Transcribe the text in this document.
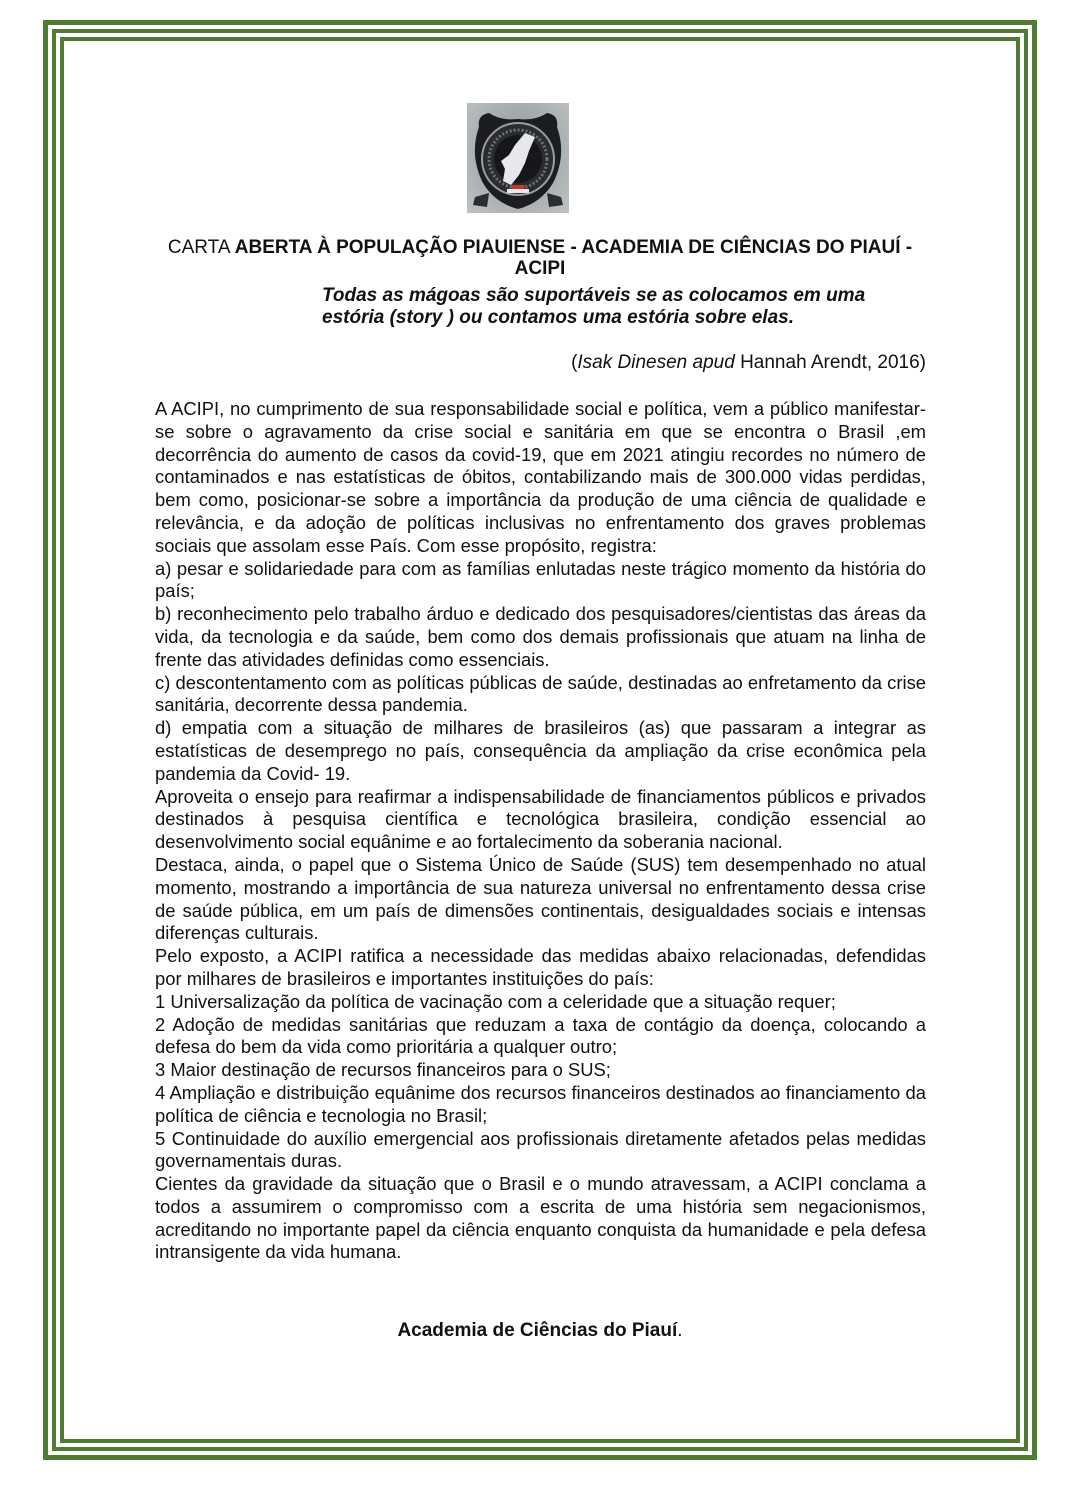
CARTA ABERTA À POPULAÇÃO PIAUIENSE - ACADEMIA DE CIÊNCIAS DO PIAUÍ - ACIPI

Todas as mágoas são suportáveis se as colocamos em uma estória (story ) ou contamos uma estória sobre elas.

(Isak Dinesen apud Hannah Arendt, 2016)

A ACIPI, no cumprimento de sua responsabilidade social e política, vem a público manifestar-se sobre o agravamento da crise social e sanitária em que se encontra o Brasil ,em decorrência do aumento de casos da covid-19, que em 2021 atingiu recordes no número de contaminados e nas estatísticas de óbitos, contabilizando mais de 300.000 vidas perdidas, bem como, posicionar-se sobre a importância da produção de uma ciência de qualidade e relevância, e da adoção de políticas inclusivas no enfrentamento dos graves problemas sociais que assolam esse País. Com esse propósito, registra:

a) pesar e solidariedade para com as famílias enlutadas neste trágico momento da história do país;

b) reconhecimento pelo trabalho árduo e dedicado dos pesquisadores/cientistas das áreas da vida, da tecnologia e da saúde, bem como dos demais profissionais que atuam na linha de frente das atividades definidas como essenciais.

c) descontentamento com as políticas públicas de saúde, destinadas ao enfretamento da crise sanitária, decorrente dessa pandemia.

d) empatia com a situação de milhares de brasileiros (as) que passaram a integrar as estatísticas de desemprego no país, consequência da ampliação da crise econômica pela pandemia da Covid- 19.

Aproveita o ensejo para reafirmar a indispensabilidade de financiamentos públicos e privados destinados à pesquisa científica e tecnológica brasileira, condição essencial ao desenvolvimento social equânime e ao fortalecimento da soberania nacional.

Destaca, ainda, o papel que o Sistema Único de Saúde (SUS) tem desempenhado no atual momento, mostrando a importância de sua natureza universal no enfrentamento dessa crise de saúde pública, em um país de dimensões continentais, desigualdades sociais e intensas diferenças culturais.

Pelo exposto, a ACIPI ratifica a necessidade das medidas abaixo relacionadas, defendidas por milhares de brasileiros e importantes instituições do país:

1 Universalização da política de vacinação com a celeridade que a situação requer;

2 Adoção de medidas sanitárias que reduzam a taxa de contágio da doença, colocando a defesa do bem da vida como prioritária a qualquer outro;

3 Maior destinação de recursos financeiros para o SUS;

4 Ampliação e distribuição equânime dos recursos financeiros destinados ao financiamento da política de ciência e tecnologia no Brasil;

5 Continuidade do auxílio emergencial aos profissionais diretamente afetados pelas medidas governamentais duras.

Cientes da gravidade da situação que o Brasil e o mundo atravessam, a ACIPI conclama a todos a assumirem o compromisso com a escrita de uma história sem negacionismos, acreditando no importante papel da ciência enquanto conquista da humanidade e pela defesa intransigente da vida humana.

Academia de Ciências do Piauí.
